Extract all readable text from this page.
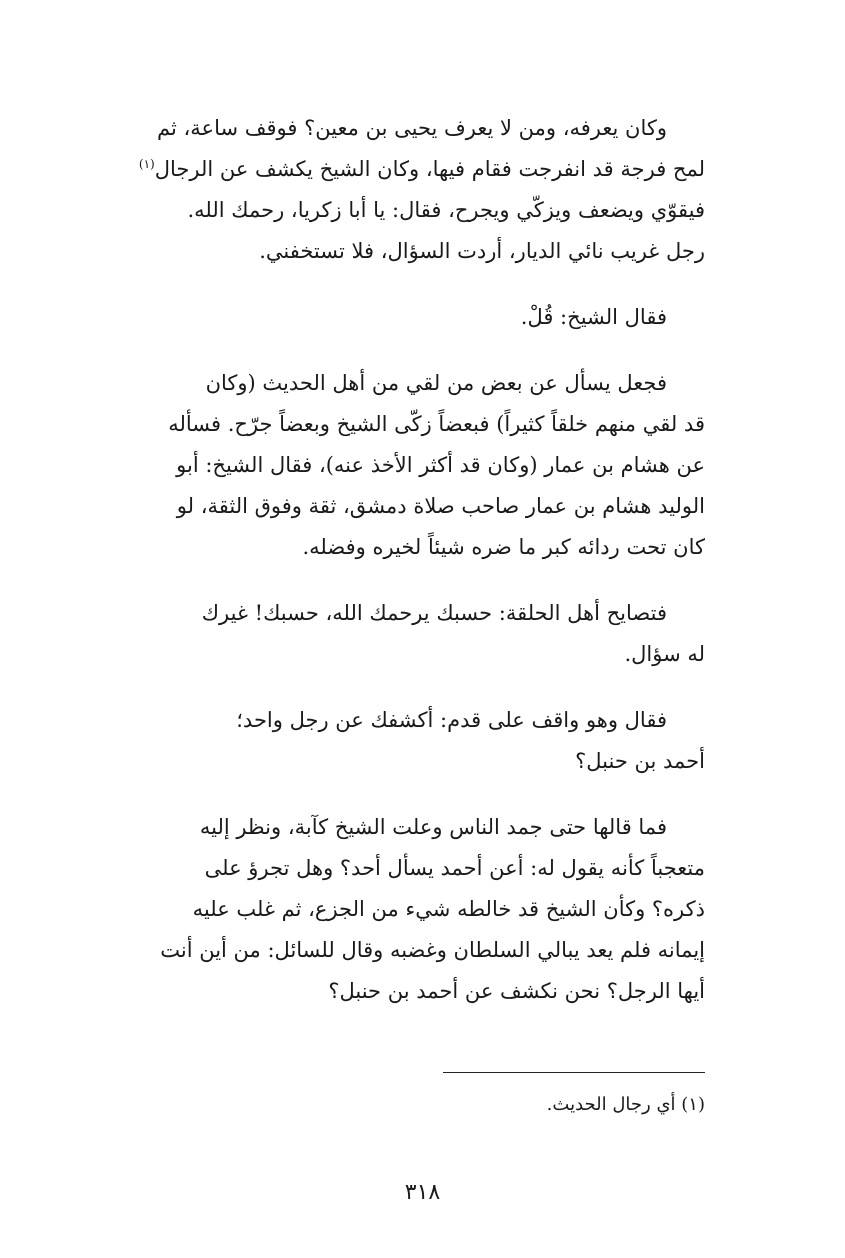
وكان يعرفه، ومن لا يعرف يحيى بن معين؟ فوقف ساعة، ثم
لمح فرجة قد انفرجت فقام فيها، وكان الشيخ يكشف عن الرجال$^{(١)}$
فيقوّي ويضعف ويزكّي ويجرح، فقال: يا أبا زكريا، رحمك الله.
رجل غريب نائي الديار، أردت السؤال، فلا تستخفني.

فقال الشيخ: قُلْ.

فجعل يسأل عن بعض من لقي من أهل الحديث (وكان
قد لقي منهم خلقاً كثيراً) فبعضاً زكّى الشيخ وبعضاً جرّح. فسأله
عن هشام بن عمار (وكان قد أكثر الأخذ عنه)، فقال الشيخ: أبو
الوليد هشام بن عمار صاحب صلاة دمشق، ثقة وفوق الثقة، لو
كان تحت ردائه كبر ما ضره شيئاً لخيره وفضله.

فتصايح أهل الحلقة: حسبك يرحمك الله، حسبك! غيرك
له سؤال.

فقال وهو واقف على قدم: أكشفك عن رجل واحد؛
أحمد بن حنبل؟

فما قالها حتى جمد الناس وعلت الشيخ كآبة، ونظر إليه
متعجباً كأنه يقول له: أعن أحمد يسأل أحد؟ وهل تجرؤ على
ذكره؟ وكأن الشيخ قد خالطه شيء من الجزع، ثم غلب عليه
إيمانه فلم يعد يبالي السلطان وغضبه وقال للسائل: من أين أنت
أيها الرجل؟ نحن نكشف عن أحمد بن حنبل؟

(١) أي رجال الحديث.
٣١٨
